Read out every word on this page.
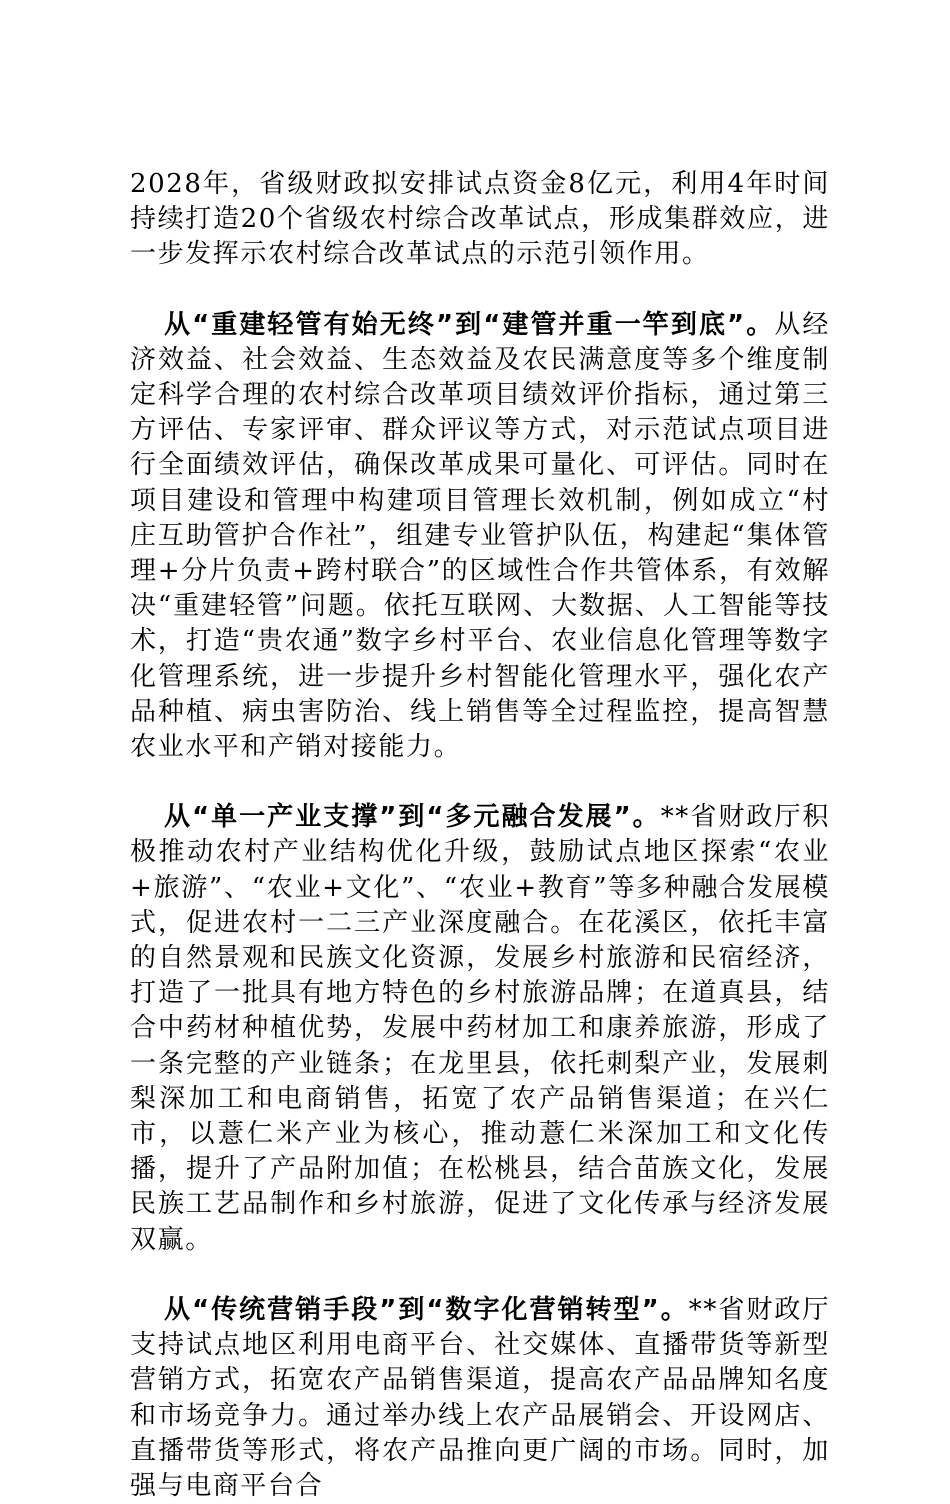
2028年，省级财政拟安排试点资金8亿元，利用4年时间持续打造20个省级农村综合改革试点，形成集群效应，进一步发挥示农村综合改革试点的示范引领作用。

从“重建轻管有始无终”到“建管并重一竿到底”。从经济效益、社会效益、生态效益及农民满意度等多个维度制定科学合理的农村综合改革项目绩效评价指标，通过第三方评估、专家评审、群众评议等方式，对示范试点项目进行全面绩效评估，确保改革成果可量化、可评估。同时在项目建设和管理中构建项目管理长效机制，例如成立“村庄互助管护合作社”，组建专业管护队伍，构建起“集体管理+分片负责+跨村联合”的区域性合作共管体系，有效解决“重建轻管”问题。依托互联网、大数据、人工智能等技术，打造“贵农通”数字乡村平台、农业信息化管理等数字化管理系统，进一步提升乡村智能化管理水平，强化农产品种植、病虫害防治、线上销售等全过程监控，提高智慧农业水平和产销对接能力。

从“单一产业支撑”到“多元融合发展”。**省财政厅积极推动农村产业结构优化升级，鼓励试点地区探索“农业+旅游”、“农业+文化”、“农业+教育”等多种融合发展模式，促进农村一二三产业深度融合。在花溪区，依托丰富的自然景观和民族文化资源，发展乡村旅游和民宿经济，打造了一批具有地方特色的乡村旅游品牌；在道真县，结合中药材种植优势，发展中药材加工和康养旅游，形成了一条完整的产业链条；在龙里县，依托刺梨产业，发展刺梨深加工和电商销售，拓宽了农产品销售渠道；在兴仁市，以薏仁米产业为核心，推动薏仁米深加工和文化传播，提升了产品附加值；在松桃县，结合苗族文化，发展民族工艺品制作和乡村旅游，促进了文化传承与经济发展双赢。

从“传统营销手段”到“数字化营销转型”。**省财政厅支持试点地区利用电商平台、社交媒体、直播带货等新型营销方式，拓宽农产品销售渠道，提高农产品品牌知名度和市场竞争力。通过举办线上农产品展销会、开设网店、直播带货等形式，将农产品推向更广阔的市场。同时，加强与电商平台合
